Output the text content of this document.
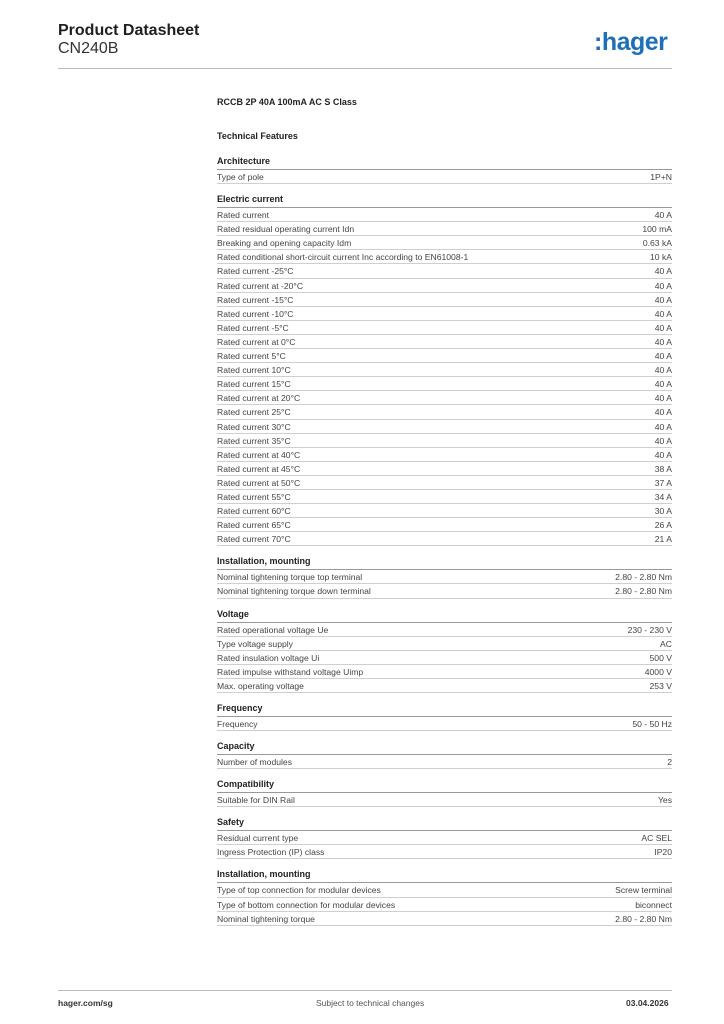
Product Datasheet
CN240B	:hager
RCCB 2P 40A 100mA AC S Class
Technical Features
Architecture
Type of pole	1P+N
Electric current
Rated current	40 A
Rated residual operating current Idn	100 mA
Breaking and opening capacity Idm	0.63 kA
Rated conditional short-circuit current Inc according to EN61008-1	10 kA
Rated current -25°C	40 A
Rated current at -20°C	40 A
Rated current -15°C	40 A
Rated current -10°C	40 A
Rated current -5°C	40 A
Rated current at 0°C	40 A
Rated current 5°C	40 A
Rated current 10°C	40 A
Rated current 15°C	40 A
Rated current at 20°C	40 A
Rated current 25°C	40 A
Rated current 30°C	40 A
Rated current 35°C	40 A
Rated current at 40°C	40 A
Rated current at 45°C	38 A
Rated current at 50°C	37 A
Rated current 55°C	34 A
Rated current 60°C	30 A
Rated current 65°C	26 A
Rated current 70°C	21 A
Installation, mounting
Nominal tightening torque top terminal	2.80 - 2.80 Nm
Nominal tightening torque down terminal	2.80 - 2.80 Nm
Voltage
Rated operational voltage Ue	230 - 230 V
Type voltage supply	AC
Rated insulation voltage Ui	500 V
Rated impulse withstand voltage Uimp	4000 V
Max. operating voltage	253 V
Frequency
Frequency	50 - 50 Hz
Capacity
Number of modules	2
Compatibility
Suitable for DIN Rail	Yes
Safety
Residual current type	AC SEL
Ingress Protection (IP) class	IP20
Installation, mounting
Type of top connection for modular devices	Screw terminal
Type of bottom connection for modular devices	biconnect
Nominal tightening torque	2.80 - 2.80 Nm
hager.com/sg	Subject to technical changes	03.04.2026
